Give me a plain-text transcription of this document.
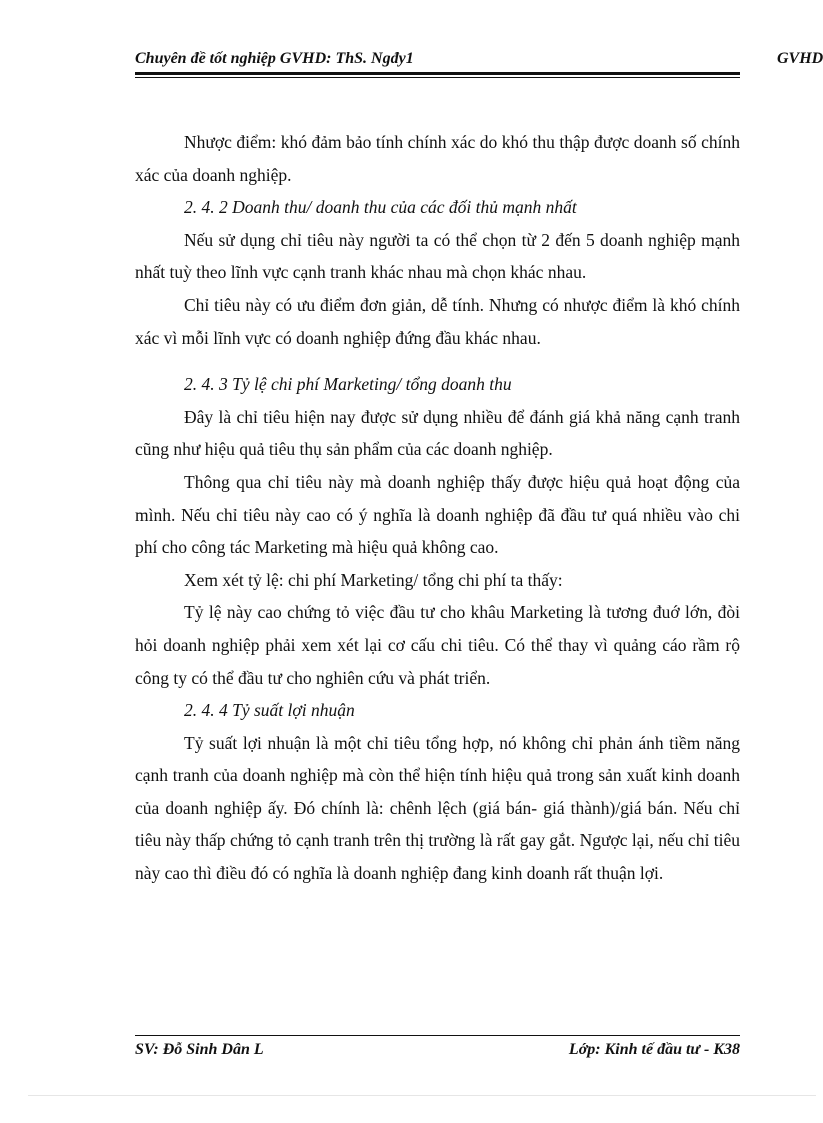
Chuyên đề tốt nghiệp GVHD: ThS. Ngđy1	GVHD

Nhược điểm: khó đảm bảo tính chính xác do khó thu thập được doanh số chính xác của doanh nghiệp.

2. 4. 2 Doanh thu/ doanh thu của các đối thủ mạnh nhất

Nếu sử dụng chỉ tiêu này người ta có thể chọn từ 2 đến 5 doanh nghiệp mạnh nhất tuỳ theo lĩnh vực cạnh tranh khác nhau mà chọn khác nhau.

Chỉ tiêu này có ưu điểm đơn giản, dễ tính. Nhưng có nhược điểm là khó chính xác vì mỗi lĩnh vực có doanh nghiệp đứng đầu khác nhau.

2. 4. 3 Tỷ lệ chi phí Marketing/ tổng doanh thu

Đây là chỉ tiêu hiện nay được sử dụng nhiều để đánh giá khả năng cạnh tranh cũng như hiệu quả tiêu thụ sản phẩm của các doanh nghiệp.

Thông qua chỉ tiêu này mà doanh nghiệp thấy được hiệu quả hoạt động của mình. Nếu chỉ tiêu này cao có ý nghĩa là doanh nghiệp đã đầu tư quá nhiều vào chi phí cho công tác Marketing mà hiệu quả không cao.

Xem xét tỷ lệ: chi phí Marketing/ tổng chi phí ta thấy:

Tỷ lệ này cao chứng tỏ việc đầu tư cho khâu Marketing là tương đuớ lớn, đòi hỏi doanh nghiệp phải xem xét lại cơ cấu chi tiêu. Có thể thay vì quảng cáo rầm rộ công ty có thể đầu tư cho nghiên cứu và phát triển.

2. 4. 4 Tỷ suất lợi nhuận

Tỷ suất lợi nhuận là một chỉ tiêu tổng hợp, nó không chỉ phản ánh tiềm năng cạnh tranh của doanh nghiệp mà còn thể hiện tính hiệu quả trong sản xuất kinh doanh của doanh nghiệp ấy. Đó chính là: chênh lệch (giá bán- giá thành)/giá bán. Nếu chỉ tiêu này thấp chứng tỏ cạnh tranh trên thị trường là rất gay gắt. Ngược lại, nếu chỉ tiêu này cao thì điều đó có nghĩa là doanh nghiệp đang kinh doanh rất thuận lợi.

SV: Đỗ Sinh Dân L	Lớp: Kinh tế đầu tư - K38
